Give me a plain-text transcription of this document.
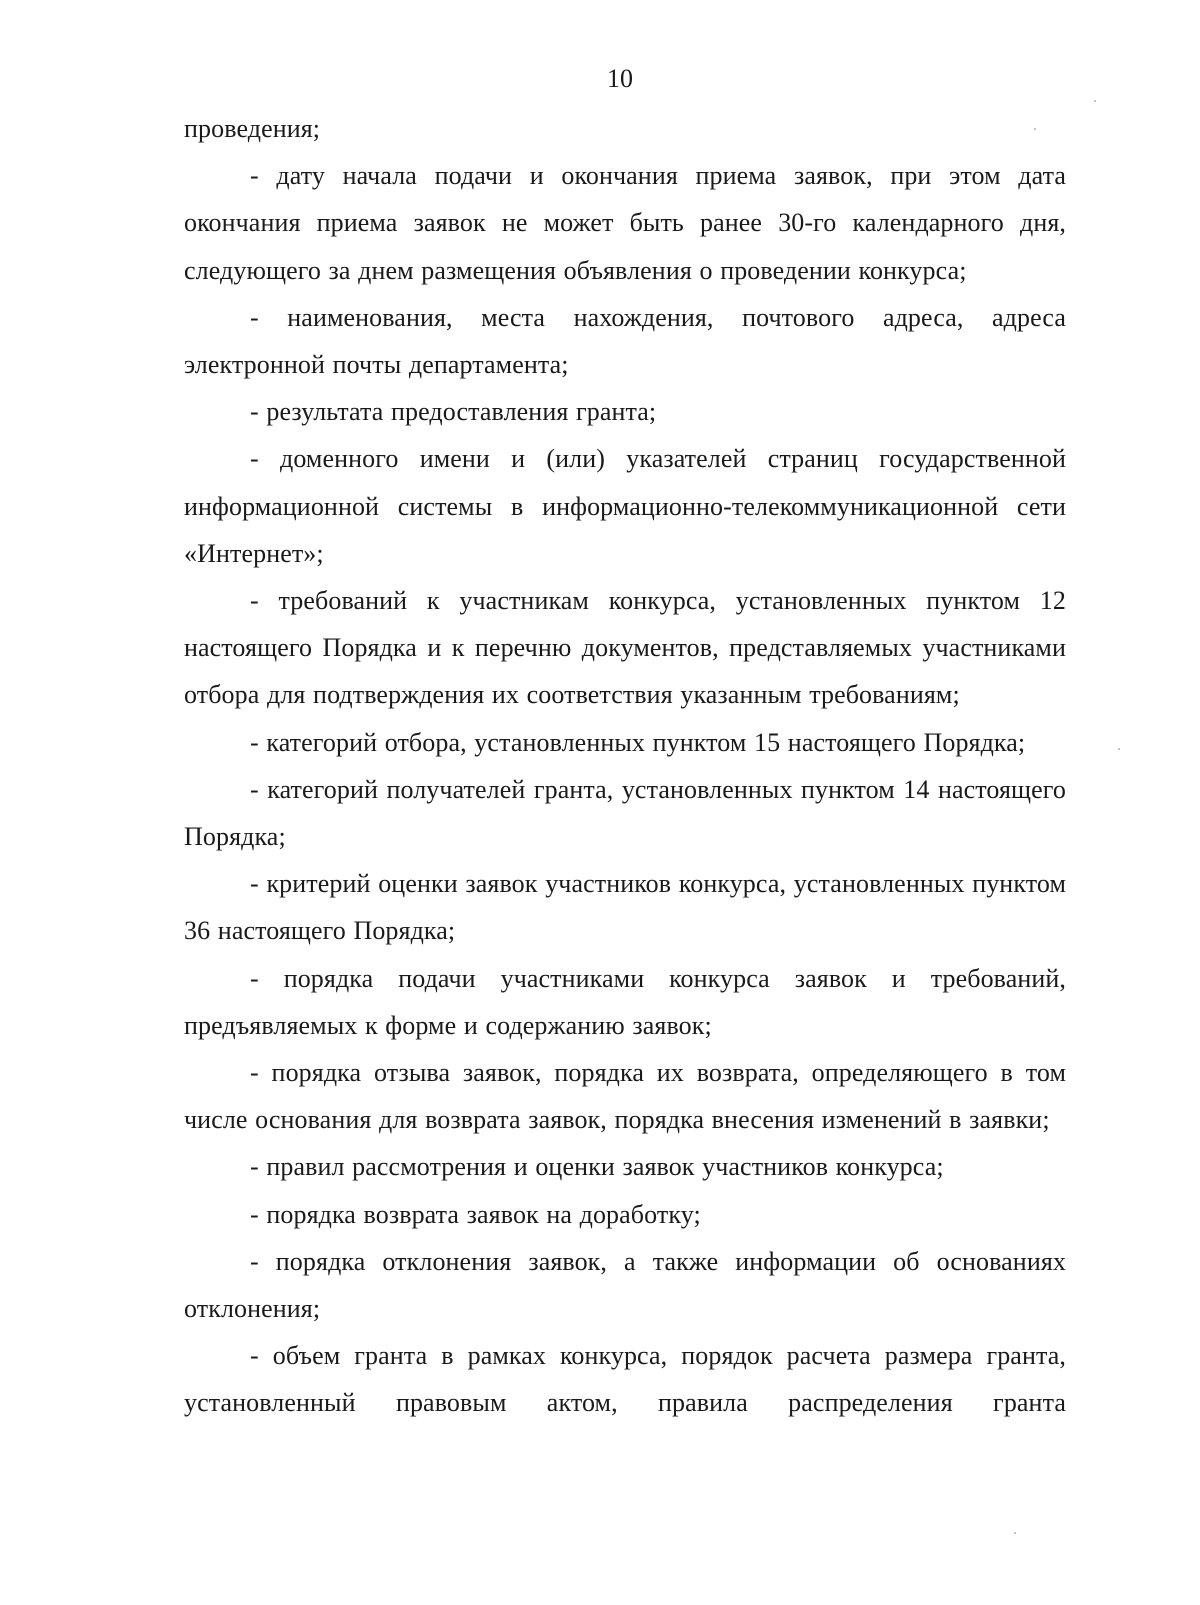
10

проведения;

- дату начала подачи и окончания приема заявок, при этом дата окончания приема заявок не может быть ранее 30-го календарного дня, следующего за днем размещения объявления о проведении конкурса;

- наименования, места нахождения, почтового адреса, адреса электронной почты департамента;

- результата предоставления гранта;

- доменного имени и (или) указателей страниц государственной информационной системы в информационно-телекоммуникационной сети «Интернет»;

- требований к участникам конкурса, установленных пунктом 12 настоящего Порядка и к перечню документов, представляемых участниками отбора для подтверждения их соответствия указанным требованиям;

- категорий отбора, установленных пунктом 15 настоящего Порядка;

- категорий получателей гранта, установленных пунктом 14 настоящего Порядка;

- критерий оценки заявок участников конкурса, установленных пунктом 36 настоящего Порядка;

- порядка подачи участниками конкурса заявок и требований, предъявляемых к форме и содержанию заявок;

- порядка отзыва заявок, порядка их возврата, определяющего в том числе основания для возврата заявок, порядка внесения изменений в заявки;

- правил рассмотрения и оценки заявок участников конкурса;

- порядка возврата заявок на доработку;

- порядка отклонения заявок, а также информации об основаниях отклонения;

- объем гранта в рамках конкурса, порядок расчета размера гранта, установленный правовым актом, правила распределения гранта
